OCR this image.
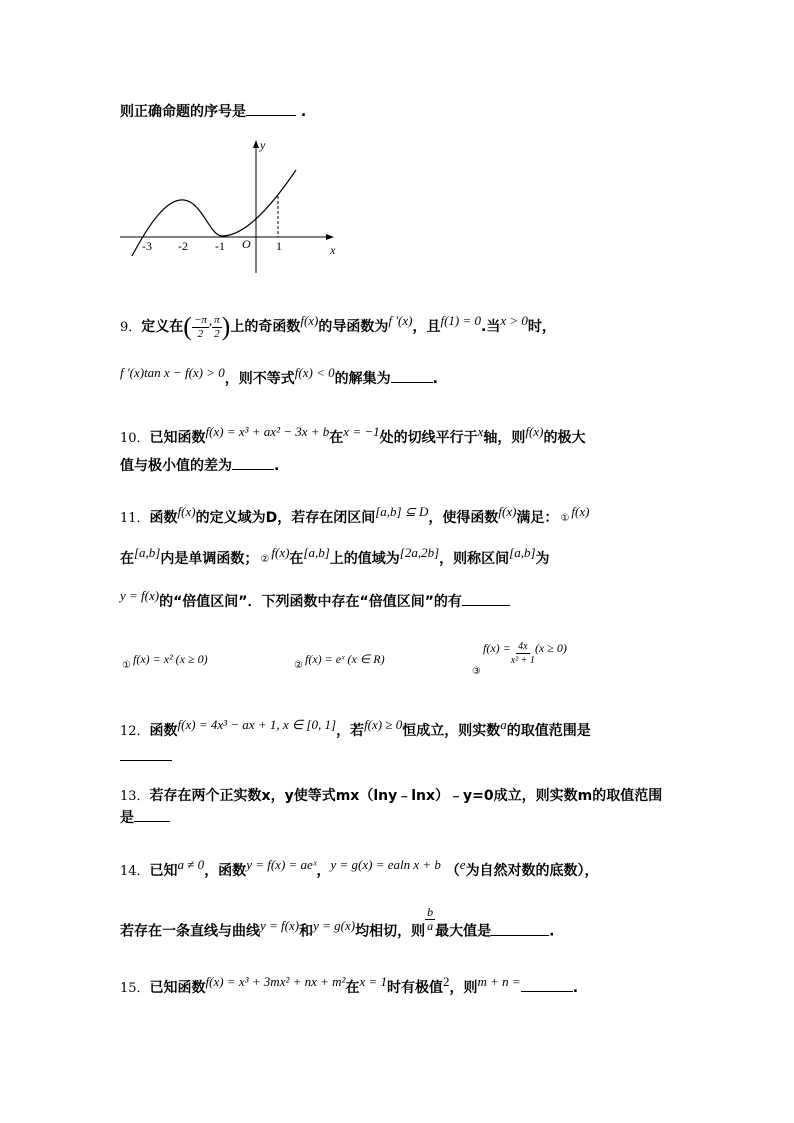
则正确命题的序号是	.
y
x
O
-3 -2 -1	1
9．定义在( $\frac{-\pi}{2}$ , $\frac{\pi}{2}$ )上的奇函数f(x)的导函数为f '(x)，且f(1) = 0.当x > 0时，
f '(x)tan x − f(x) > 0，则不等式f(x) < 0的解集为	.
10．已知函数f(x) = x³ + ax² − 3x + b在x = −1处的切线平行于x轴，则f(x)的极大
值与极小值的差为	.
11．函数f(x)的定义域为D，若存在闭区间[a,b] ⊆ D，使得函数f(x)满足： ① f(x)
在[a,b]内是单调函数； ② f(x)在[a,b]上的值域为[2a,2b]，则称区间[a,b]为
y = f(x)的“倍值区间”．下列函数中存在“倍值区间”的有
① f(x) = x² (x ≥ 0)	② f(x) = eˣ (x ∈ R)
③f(x) = $\frac{4x}{\text{x² + 1}} (x \ge 0)$
12．函数f(x) = 4x³ − ax + 1, x ∈ [0, 1]，若f(x) ≥ 0恒成立，则实数a的取值范围是
13．若存在两个正实数x，y使等式mx（lny﹣lnx）﹣y=0成立，则实数m的取值范围
是
14．已知a ≠ 0，函数y = f(x) = aeˣ，y = g(x) = ealn x + b （e为自然对数的底数），
若存在一条直线与曲线y = f(x)和y = g(x)均相切，则 $\frac{b}{a}$ 最大值是	.
15．已知函数f(x) = x³ + 3mx² + nx + m²在x = 1时有极值2，则m + n =	.
